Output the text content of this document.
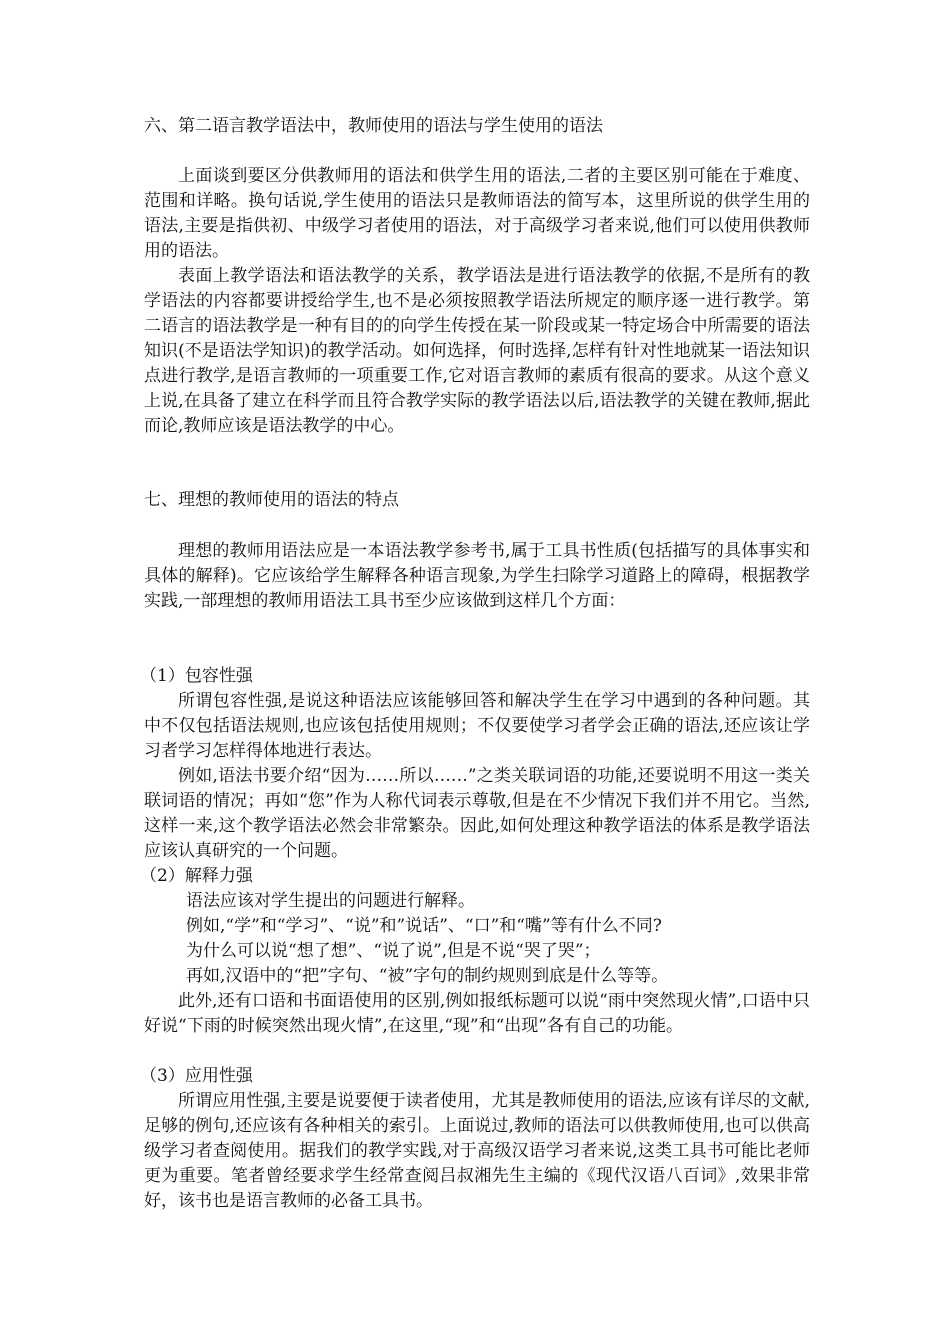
六、第二语言教学语法中，教师使用的语法与学生使用的语法

上面谈到要区分供教师用的语法和供学生用的语法,二者的主要区别可能在于难度、范围和详略。换句话说,学生使用的语法只是教师语法的简写本，这里所说的供学生用的语法,主要是指供初、中级学习者使用的语法，对于高级学习者来说,他们可以使用供教师用的语法。

表面上教学语法和语法教学的关系，教学语法是进行语法教学的依据,不是所有的教学语法的内容都要讲授给学生,也不是必须按照教学语法所规定的顺序逐一进行教学。第二语言的语法教学是一种有目的的向学生传授在某一阶段或某一特定场合中所需要的语法知识(不是语法学知识)的教学活动。如何选择，何时选择,怎样有针对性地就某一语法知识点进行教学,是语言教师的一项重要工作,它对语言教师的素质有很高的要求。从这个意义上说,在具备了建立在科学而且符合教学实际的教学语法以后,语法教学的关键在教师,据此而论,教师应该是语法教学的中心。

七、理想的教师使用的语法的特点

理想的教师用语法应是一本语法教学参考书,属于工具书性质(包括描写的具体事实和具体的解释)。它应该给学生解释各种语言现象,为学生扫除学习道路上的障碍，根据教学实践,一部理想的教师用语法工具书至少应该做到这样几个方面：

（1）包容性强

所谓包容性强,是说这种语法应该能够回答和解决学生在学习中遇到的各种问题。其中不仅包括语法规则,也应该包括使用规则；不仅要使学习者学会正确的语法,还应该让学习者学习怎样得体地进行表达。

例如,语法书要介绍“因为……所以……”之类关联词语的功能,还要说明不用这一类关联词语的情况；再如“您”作为人称代词表示尊敬,但是在不少情况下我们并不用它。当然,这样一来,这个教学语法必然会非常繁杂。因此,如何处理这种教学语法的体系是教学语法应该认真研究的一个问题。

（2）解释力强

语法应该对学生提出的问题进行解释。

例如,“学”和“学习”、“说”和”说话”、“口”和“嘴”等有什么不同?

为什么可以说“想了想”、“说了说”,但是不说“哭了哭”；

再如,汉语中的“把”字句、“被”字句的制约规则到底是什么等等。

此外,还有口语和书面语使用的区别,例如报纸标题可以说“雨中突然现火情”,口语中只好说“下雨的时候突然出现火情”,在这里,“现”和“出现”各有自己的功能。

（3）应用性强

所谓应用性强,主要是说要便于读者使用，尤其是教师使用的语法,应该有详尽的文献,足够的例句,还应该有各种相关的索引。上面说过,教师的语法可以供教师使用,也可以供高级学习者查阅使用。据我们的教学实践,对于高级汉语学习者来说,这类工具书可能比老师更为重要。笔者曾经要求学生经常查阅吕叔湘先生主编的《现代汉语八百词》,效果非常好，该书也是语言教师的必备工具书。
